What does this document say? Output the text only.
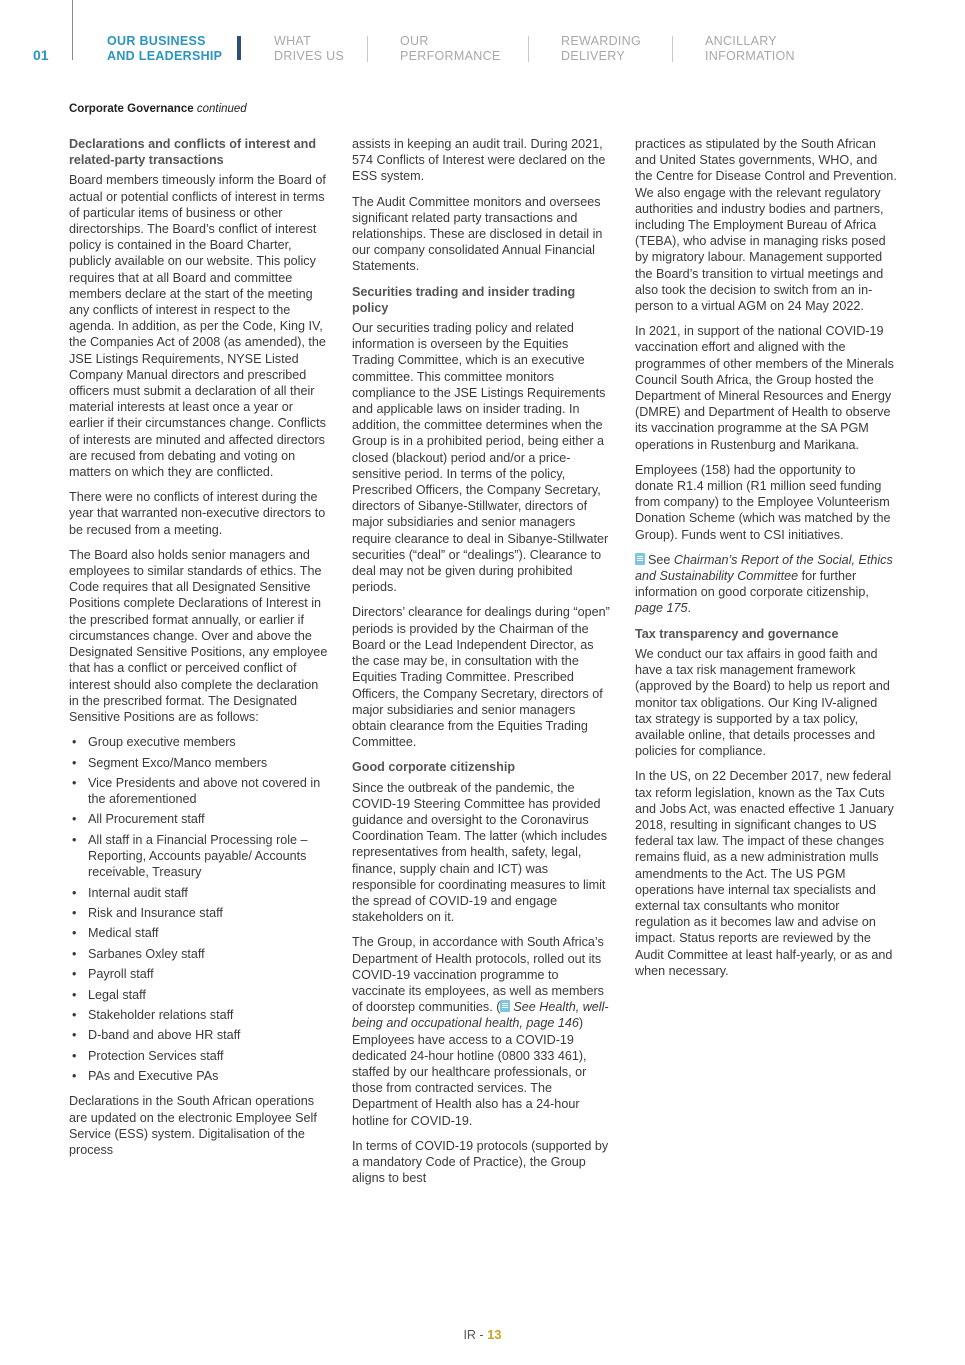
01
OUR BUSINESS
AND LEADERSHIP
WHAT
DRIVES US
OUR
PERFORMANCE
REWARDING
DELIVERY
ANCILLARY
INFORMATION
Corporate Governance continued
Declarations and conflicts of interest and related-party transactions

Board members timeously inform the Board of actual or potential conflicts of interest in terms of particular items of business or other directorships. The Board’s conflict of interest policy is contained in the Board Charter, publicly available on our website. This policy requires that at all Board and committee members declare at the start of the meeting any conflicts of interest in respect to the agenda. In addition, as per the Code, King IV, the Companies Act of 2008 (as amended), the JSE Listings Requirements, NYSE Listed Company Manual directors and prescribed officers must submit a declaration of all their material interests at least once a year or earlier if their circumstances change. Conflicts of interests are minuted and affected directors are recused from debating and voting on matters on which they are conflicted.

There were no conflicts of interest during the year that warranted non-executive directors to be recused from a meeting.

The Board also holds senior managers and employees to similar standards of ethics. The Code requires that all Designated Sensitive Positions complete Declarations of Interest in the prescribed format annually, or earlier if circumstances change. Over and above the Designated Sensitive Positions, any employee that has a conflict or perceived conflict of interest should also complete the declaration in the prescribed format. The Designated Sensitive Positions are as follows:

• Group executive members
• Segment Exco/Manco members
• Vice Presidents and above not covered in the aforementioned
• All Procurement staff
• All staff in a Financial Processing role – Reporting, Accounts payable/ Accounts receivable, Treasury
• Internal audit staff
• Risk and Insurance staff
• Medical staff
• Sarbanes Oxley staff
• Payroll staff
• Legal staff
• Stakeholder relations staff
• D-band and above HR staff
• Protection Services staff
• PAs and Executive PAs

Declarations in the South African operations are updated on the electronic Employee Self Service (ESS) system. Digitalisation of the process

assists in keeping an audit trail. During 2021, 574 Conflicts of Interest were declared on the ESS system.

The Audit Committee monitors and oversees significant related party transactions and relationships. These are disclosed in detail in our company consolidated Annual Financial Statements.

Securities trading and insider trading policy

Our securities trading policy and related information is overseen by the Equities Trading Committee, which is an executive committee. This committee monitors compliance to the JSE Listings Requirements and applicable laws on insider trading. In addition, the committee determines when the Group is in a prohibited period, being either a closed (blackout) period and/or a price-sensitive period. In terms of the policy, Prescribed Officers, the Company Secretary, directors of Sibanye-Stillwater, directors of major subsidiaries and senior managers require clearance to deal in Sibanye-Stillwater securities (“deal” or “dealings”). Clearance to deal may not be given during prohibited periods.

Directors’ clearance for dealings during “open” periods is provided by the Chairman of the Board or the Lead Independent Director, as the case may be, in consultation with the Equities Trading Committee. Prescribed Officers, the Company Secretary, directors of major subsidiaries and senior managers obtain clearance from the Equities Trading Committee.

Good corporate citizenship

Since the outbreak of the pandemic, the COVID-19 Steering Committee has provided guidance and oversight to the Coronavirus Coordination Team. The latter (which includes representatives from health, safety, legal, finance, supply chain and ICT) was responsible for coordinating measures to limit the spread of COVID-19 and engage stakeholders on it.

The Group, in accordance with South Africa’s Department of Health protocols, rolled out its COVID-19 vaccination programme to vaccinate its employees, as well as members of doorstep communities. ( See Health, well-being and occupational health, page 146) Employees have access to a COVID-19 dedicated 24-hour hotline (0800 333 461), staffed by our healthcare professionals, or those from contracted services. The Department of Health also has a 24-hour hotline for COVID-19.

In terms of COVID-19 protocols (supported by a mandatory Code of Practice), the Group aligns to best

practices as stipulated by the South African and United States governments, WHO, and the Centre for Disease Control and Prevention. We also engage with the relevant regulatory authorities and industry bodies and partners, including The Employment Bureau of Africa (TEBA), who advise in managing risks posed by migratory labour. Management supported the Board’s transition to virtual meetings and also took the decision to switch from an in-person to a virtual AGM on 24 May 2022.

In 2021, in support of the national COVID-19 vaccination effort and aligned with the programmes of other members of the Minerals Council South Africa, the Group hosted the Department of Mineral Resources and Energy (DMRE) and Department of Health to observe its vaccination programme at the SA PGM operations in Rustenburg and Marikana.

Employees (158) had the opportunity to donate R1.4 million (R1 million seed funding from company) to the Employee Volunteerism Donation Scheme (which was matched by the Group). Funds went to CSI initiatives.

See Chairman’s Report of the Social, Ethics and Sustainability Committee for further information on good corporate citizenship, page 175.

Tax transparency and governance

We conduct our tax affairs in good faith and have a tax risk management framework (approved by the Board) to help us report and monitor tax obligations. Our King IV-aligned tax strategy is supported by a tax policy, available online, that details processes and policies for compliance.

In the US, on 22 December 2017, new federal tax reform legislation, known as the Tax Cuts and Jobs Act, was enacted effective 1 January 2018, resulting in significant changes to US federal tax law. The impact of these changes remains fluid, as a new administration mulls amendments to the Act. The US PGM operations have internal tax specialists and external tax consultants who monitor regulation as it becomes law and advise on impact. Status reports are reviewed by the Audit Committee at least half-yearly, or as and when necessary.

IR - 13
